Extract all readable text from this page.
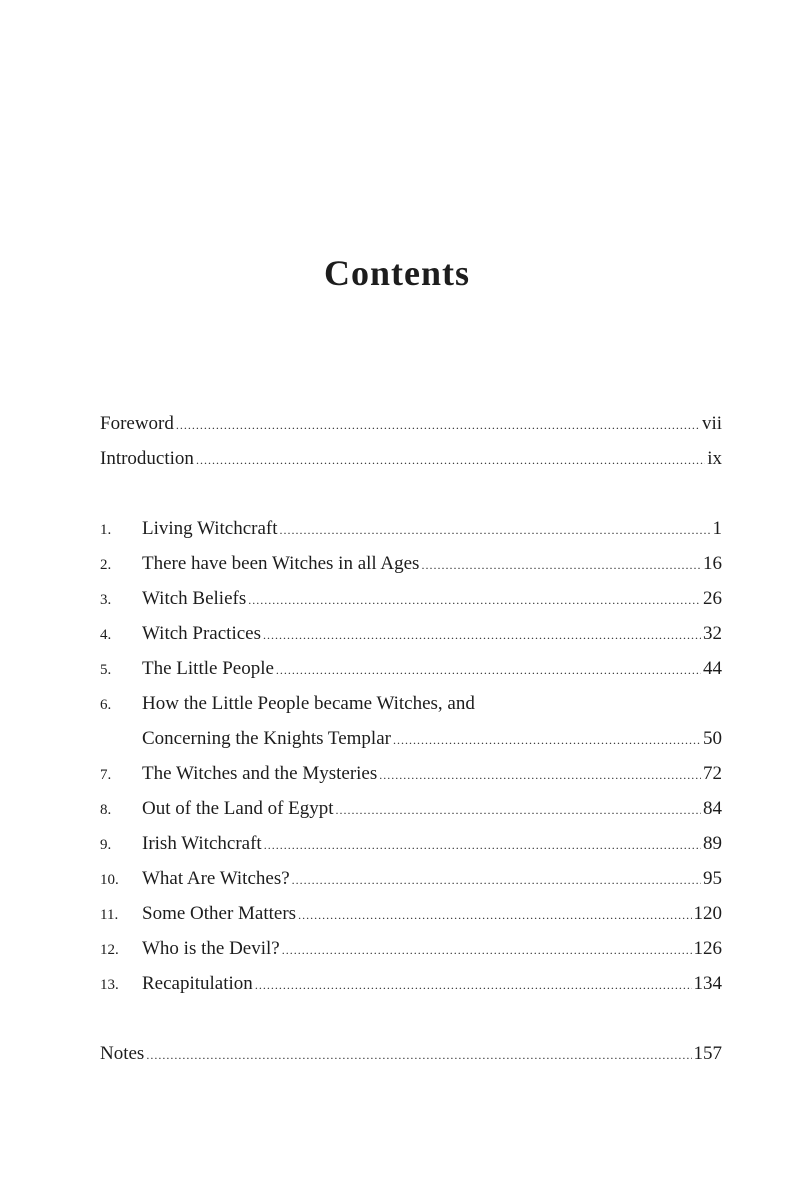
Contents
Foreword .....	vii
Introduction .....	ix
1.	Living Witchcraft .....	1
2.	There have been Witches in all Ages .....	16
3.	Witch Beliefs .....	26
4.	Witch Practices .....	32
5.	The Little People .....	44
6.	How the Little People became Witches, and
Concerning the Knights Templar .....	50
7.	The Witches and the Mysteries .....	72
8.	Out of the Land of Egypt .....	84
9.	Irish Witchcraft .....	89
10.	What Are Witches? .....	95
11.	Some Other Matters .....	120
12.	Who is the Devil? .....	126
13.	Recapitulation .....	134
Notes .....	157
